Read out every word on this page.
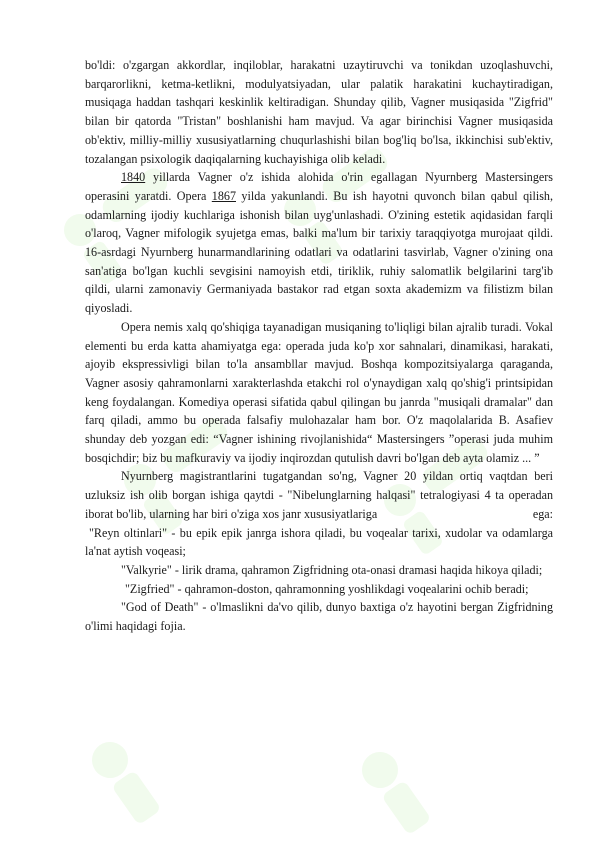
bo'ldi: o'zgargan akkordlar, inqiloblar, harakatni uzaytiruvchi va tonikdan uzoqlashuvchi, barqarorlikni, ketma-ketlikni, modulyatsiyadan, ular palatik harakatini kuchaytiradigan, musiqaga haddan tashqari keskinlik keltiradigan. Shunday qilib, Vagner musiqasida "Zigfrid" bilan bir qatorda "Tristan" boshlanishi ham mavjud. Va agar birinchisi Vagner musiqasida ob'ektiv, milliy-milliy xususiyatlarning chuqurlashishi bilan bog'liq bo'lsa, ikkinchisi sub'ektiv, tozalangan psixologik daqiqalarning kuchayishiga olib keladi.

1840 yillarda Vagner o'z ishida alohida o'rin egallagan Nyurnberg Mastersingers operasini yaratdi. Opera 1867 yilda yakunlandi. Bu ish hayotni quvonch bilan qabul qilish, odamlarning ijodiy kuchlariga ishonish bilan uyg'unlashadi. O'zining estetik aqidasidan farqli o'laroq, Vagner mifologik syujetga emas, balki ma'lum bir tarixiy taraqqiyotga murojaat qildi. 16-asrdagi Nyurnberg hunarmandlarining odatlari va odatlarini tasvirlab, Vagner o'zining ona san'atiga bo'lgan kuchli sevgisini namoyish etdi, tiriklik, ruhiy salomatlik belgilarini targ'ib qildi, ularni zamonaviy Germaniyada bastakor rad etgan soxta akademizm va filistizm bilan qiyosladi.

Opera nemis xalq qo'shiqiga tayanadigan musiqaning to'liqligi bilan ajralib turadi. Vokal elementi bu erda katta ahamiyatga ega: operada juda ko'p xor sahnalari, dinamikasi, harakati, ajoyib ekspressivligi bilan to'la ansambllar mavjud. Boshqa kompozitsiyalarga qaraganda, Vagner asosiy qahramonlarni xarakterlashda etakchi rol o'ynaydigan xalq qo'shig'i printsipidan keng foydalangan. Komediya operasi sifatida qabul qilingan bu janrda "musiqali dramalar" dan farq qiladi, ammo bu operada falsafiy mulohazalar ham bor. O'z maqolalarida B. Asafiev shunday deb yozgan edi: “Vagner ishining rivojlanishida“ Mastersingers ”operasi juda muhim bosqichdir; biz bu mafkuraviy va ijodiy inqirozdan qutulish davri bo'lgan deb ayta olamiz ... ”

Nyurnberg magistrantlarini tugatgandan so'ng, Vagner 20 yildan ortiq vaqtdan beri uzluksiz ish olib borgan ishiga qaytdi - "Nibelunglarning halqasi" tetralogiyasi 4 ta operadan iborat bo'lib, ularning har biri o'ziga xos janr xususiyatlariga	ega:

"Reyn oltinlari" - bu epik epik janrga ishora qiladi, bu voqealar tarixi, xudolar va odamlarga la'nat aytish voqeasi;

"Valkyrie" - lirik drama, qahramon Zigfridning ota-onasi dramasi haqida hikoya qiladi;

"Zigfried" - qahramon-doston, qahramonning yoshlikdagi voqealarini ochib beradi;

"God of Death" - o'lmaslikni da'vo qilib, dunyo baxtiga o'z hayotini bergan Zigfridning o'limi haqidagi fojia.
